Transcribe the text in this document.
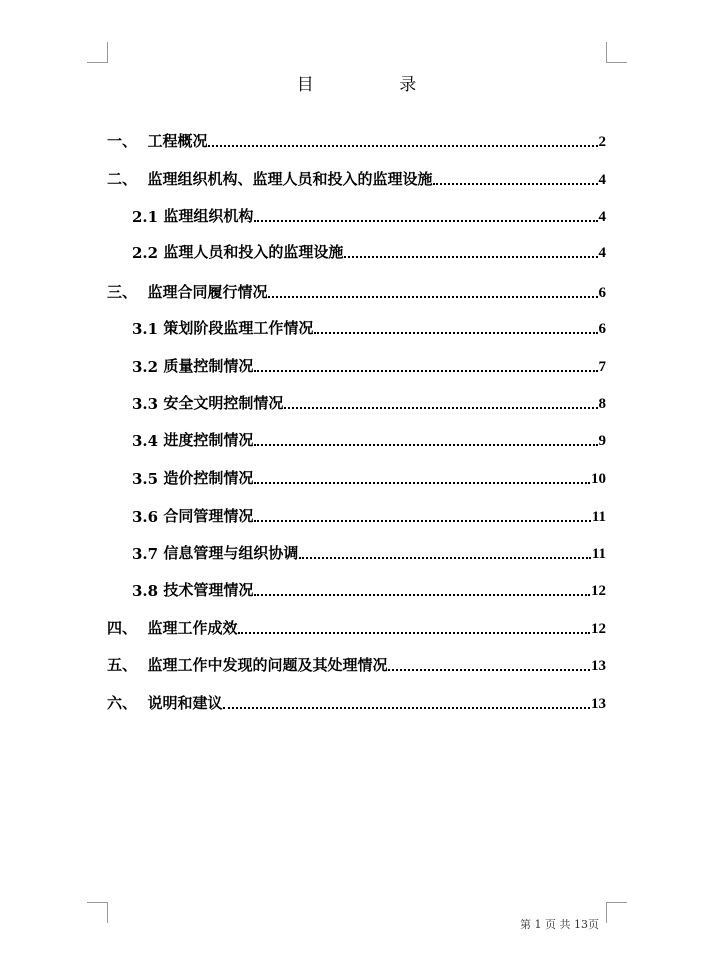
目 录
一、 工程概况	2
二、 监理组织机构、监理人员和投入的监理设施	4
2.1 监理组织机构	4
2.2 监理人员和投入的监理设施	4
三、 监理合同履行情况	6
3.1 策划阶段监理工作情况	6
3.2 质量控制情况	7
3.3 安全文明控制情况	8
3.4 进度控制情况	9
3.5 造价控制情况	10
3.6 合同管理情况	11
3.7 信息管理与组织协调	11
3.8 技术管理情况	12
四、 监理工作成效	12
五、 监理工作中发现的问题及其处理情况	13
六、 说明和建议	13
第 1 页 共 13页
